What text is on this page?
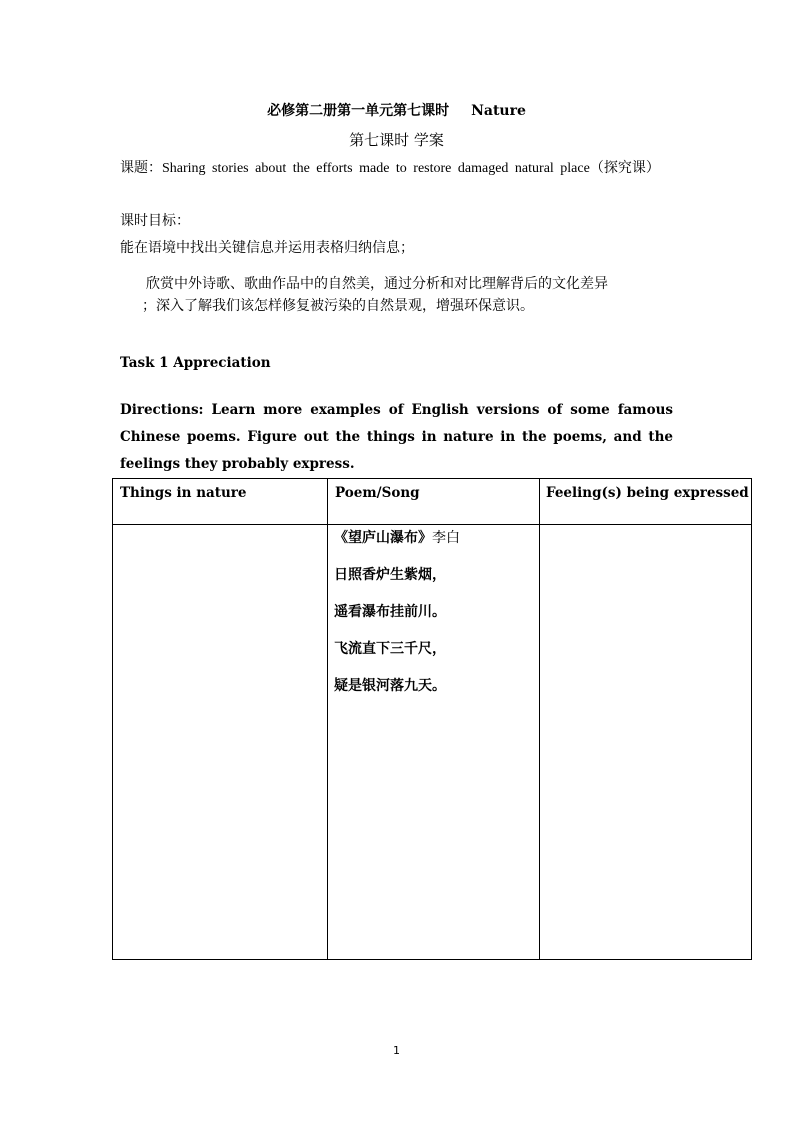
必修第二册第一单元第七课时 Nature
第七课时 学案
课题：Sharing stories about the efforts made to restore damaged natural place（探究课）
课时目标：
能在语境中找出关键信息并运用表格归纳信息；
欣赏中外诗歌、歌曲作品中的自然美，通过分析和对比理解背后的文化差异
；深入了解我们该怎样修复被污染的自然景观，增强环保意识。
Task 1 Appreciation
Directions: Learn more examples of English versions of some famous Chinese poems. Figure out the things in nature in the poems, and the feelings they probably express.
Things in nature	Poem/Song	Feeling(s) being expressed

	《望庐山瀑布》李白
日照香炉生紫烟，
遥看瀑布挂前川。
飞流直下三千尺，
疑是银河落九天。	

1
